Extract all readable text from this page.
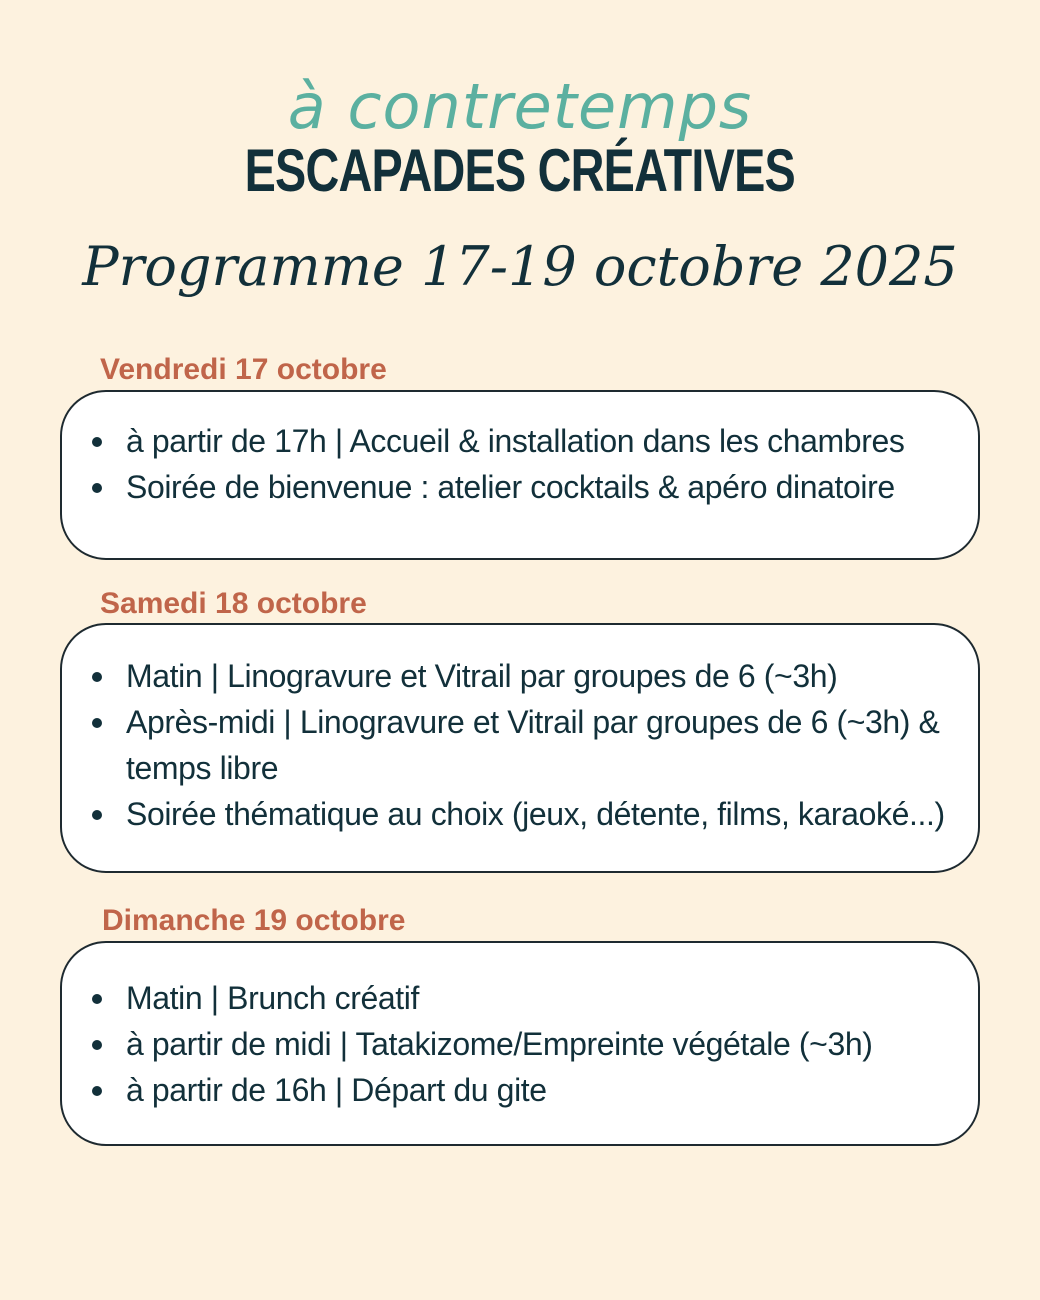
à contretemps
ESCAPADES CRÉATIVES
Programme 17-19 octobre 2025
Vendredi 17 octobre
à partir de 17h | Accueil & installation dans les chambres
Soirée de bienvenue : atelier cocktails & apéro dinatoire
Samedi 18 octobre
Matin | Linogravure et Vitrail par groupes de 6 (~3h)
Après-midi | Linogravure et Vitrail par groupes de 6 (~3h) & temps libre
Soirée thématique au choix (jeux, détente, films, karaoké...)
Dimanche 19 octobre
Matin | Brunch créatif
à partir de midi | Tatakizome/Empreinte végétale (~3h)
à partir de 16h | Départ du gite
